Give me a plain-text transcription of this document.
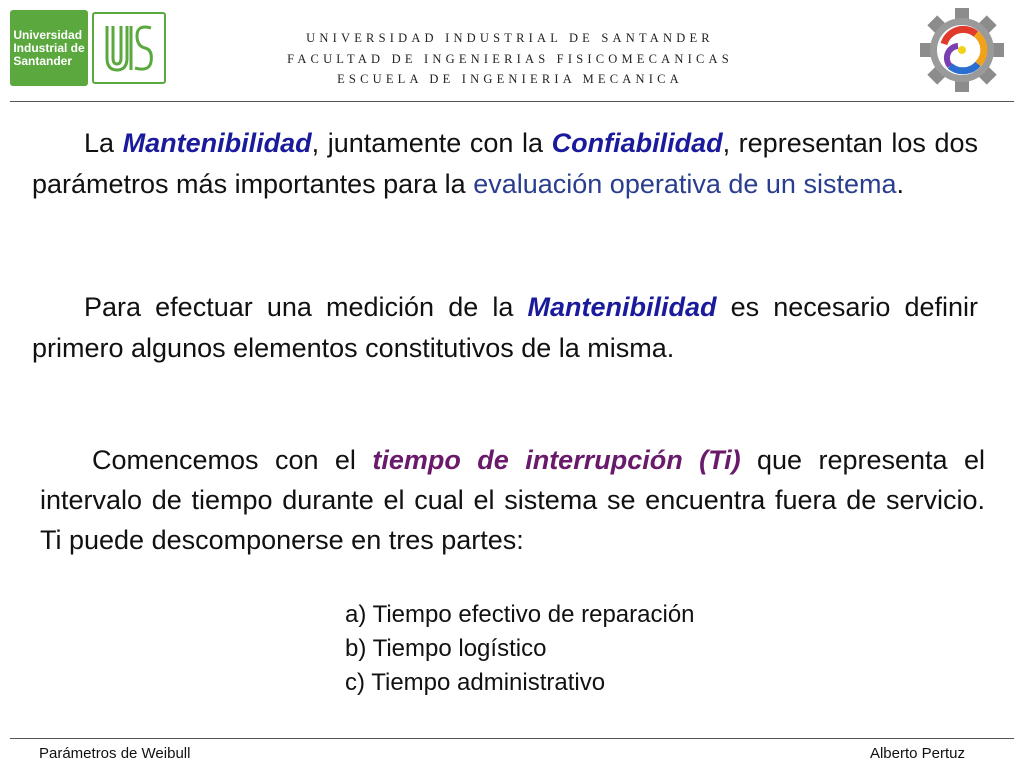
Universidad
Industrial de
Santander
UNIVERSIDAD INDUSTRIAL DE SANTANDER
FACULTAD DE INGENIERIAS FISICOMECANICAS
ESCUELA DE INGENIERIA MECANICA
La Mantenibilidad, juntamente con la Confiabilidad, representan los dos parámetros más importantes para la evaluación operativa de un sistema.
Para efectuar una medición de la Mantenibilidad es necesario definir primero algunos elementos constitutivos de la misma.
Comencemos con el tiempo de interrupción (Ti) que representa el intervalo de tiempo durante el cual el sistema se encuentra fuera de servicio. Ti puede descomponerse en tres partes:
a) Tiempo efectivo de reparación
b) Tiempo logístico
c) Tiempo administrativo
Parámetros de Weibull	Alberto Pertuz
